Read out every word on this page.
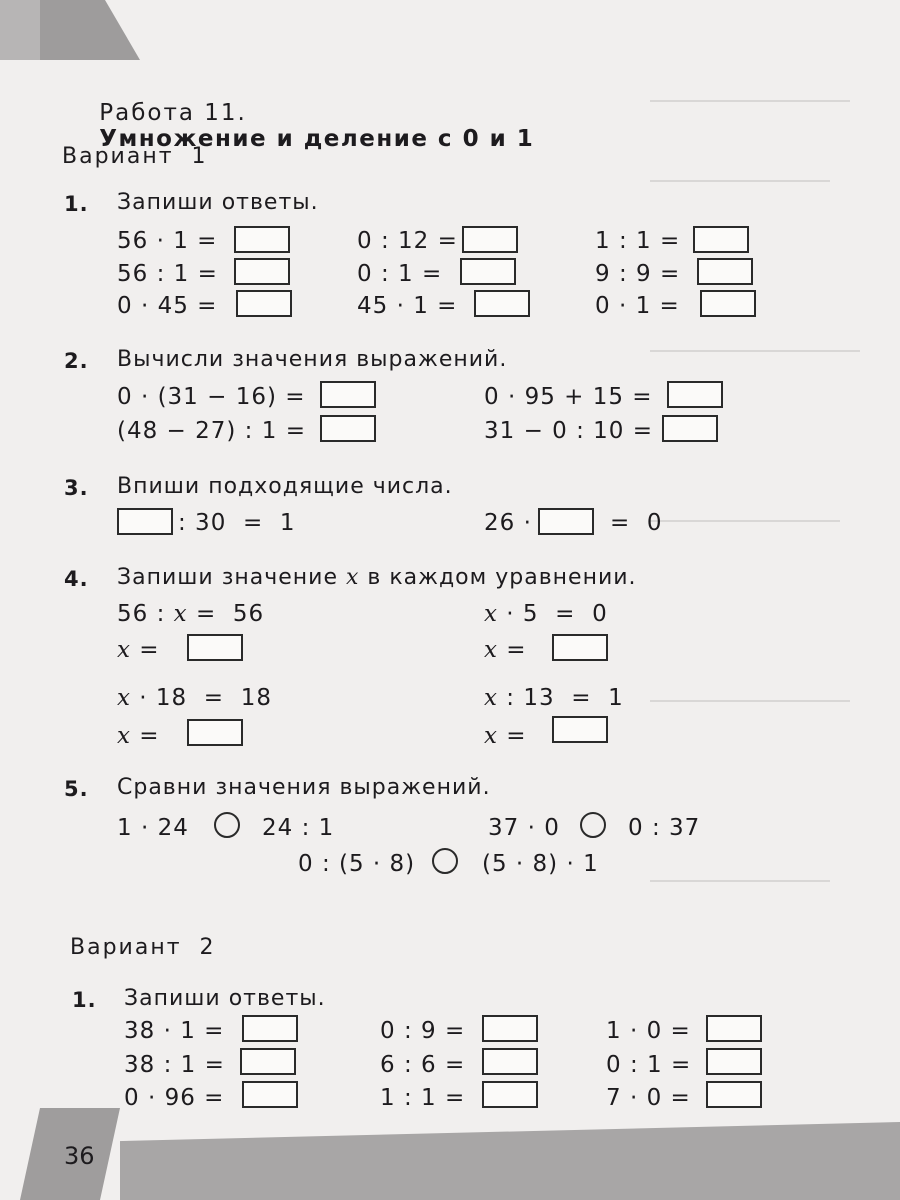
Работа 11.
Умножение и деление с 0 и 1

Вариант  1
1. Запиши ответы.
56 · 1 =	0 : 12 =	1 : 1 =
56 : 1 =	0 : 1 =	9 : 9 =
0 · 45 =	45 · 1 =	0 · 1 =
2. Вычисли значения выражений.
0 · (31 − 16) =	0 · 95 + 15 =
(48 − 27) : 1 =	31 − 0 : 10 =
3. Впиши подходящие числа.
: 30  =  1	26 ·	=  0
4. Запиши значение x в каждом уравнении.
56 : x =  56	x · 5  =  0
x =	x =
x · 18  =  18	x : 13  =  1
x =	x =
5. Сравни значения выражений.
1 · 24	24 : 1	37 · 0	0 : 37
0 : (5 · 8)	(5 · 8) · 1
Вариант  2
1. Запиши ответы.
38 · 1 =	0 : 9 =	1 · 0 =
38 : 1 =	6 : 6 =	0 : 1 =
0 · 96 =	1 : 1 =	7 · 0 =
36
